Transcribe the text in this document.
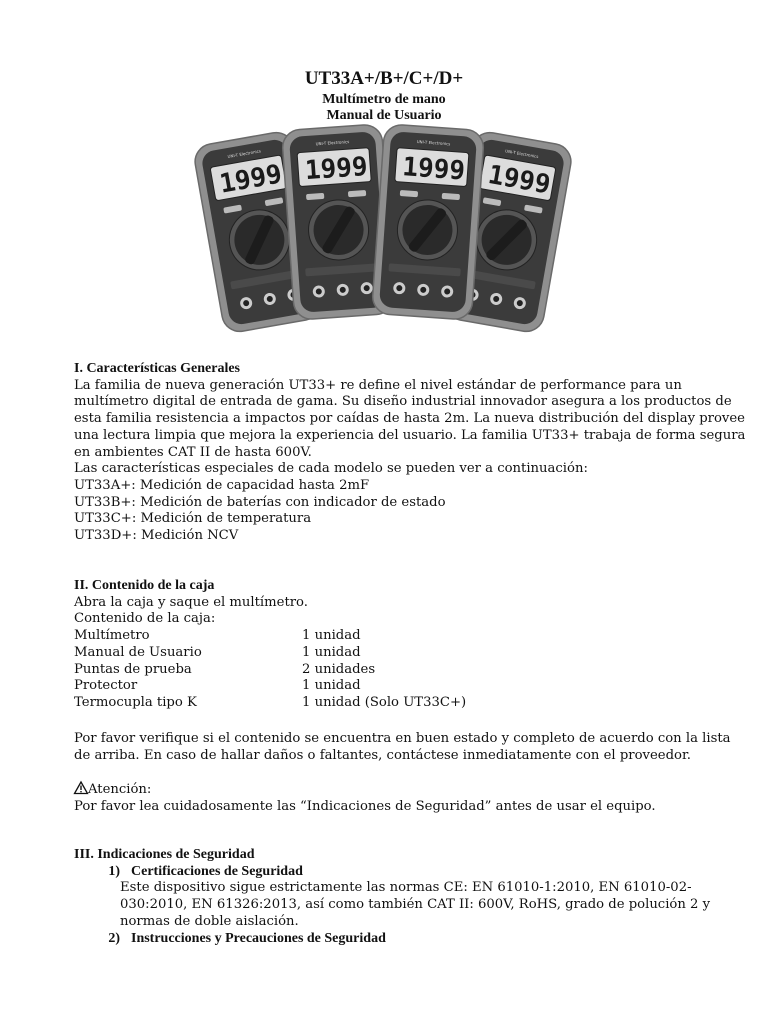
UT33A+/B+/C+/D+
Multímetro de mano
Manual de Usuario
UNI-T Electronics
1999

I. Características Generales

La familia de nueva generación UT33+ re define el nivel estándar de performance para un

multímetro digital de entrada de gama. Su diseño industrial innovador asegura a los productos de

esta familia resistencia a impactos por caídas de hasta 2m. La nueva distribución del display provee

una lectura limpia que mejora la experiencia del usuario. La familia UT33+ trabaja de forma segura

en ambientes CAT II de hasta 600V.

Las características especiales de cada modelo se pueden ver a continuación:

UT33A+: Medición de capacidad hasta 2mF

UT33B+: Medición de baterías con indicador de estado

UT33C+: Medición de temperatura

UT33D+: Medición NCV

II. Contenido de la caja

Abra la caja y saque el multímetro.

Contenido de la caja:

Multímetro	1 unidad
Manual de Usuario	1 unidad
Puntas de prueba	2 unidades
Protector	1 unidad
Termocupla tipo K	1 unidad (Solo UT33C+)

Por favor verifique si el contenido se encuentra en buen estado y completo de acuerdo con la lista

de arriba. En caso de hallar daños o faltantes, contáctese inmediatamente con el proveedor.

Atención:

Por favor lea cuidadosamente las “Indicaciones de Seguridad” antes de usar el equipo.

III. Indicaciones de Seguridad

1) Certificaciones de Seguridad

Este dispositivo sigue estrictamente las normas CE: EN 61010-1:2010, EN 61010-02-

030:2010, EN 61326:2013, así como también CAT II: 600V, RoHS, grado de polución 2 y

normas de doble aislación.

2) Instrucciones y Precauciones de Seguridad
